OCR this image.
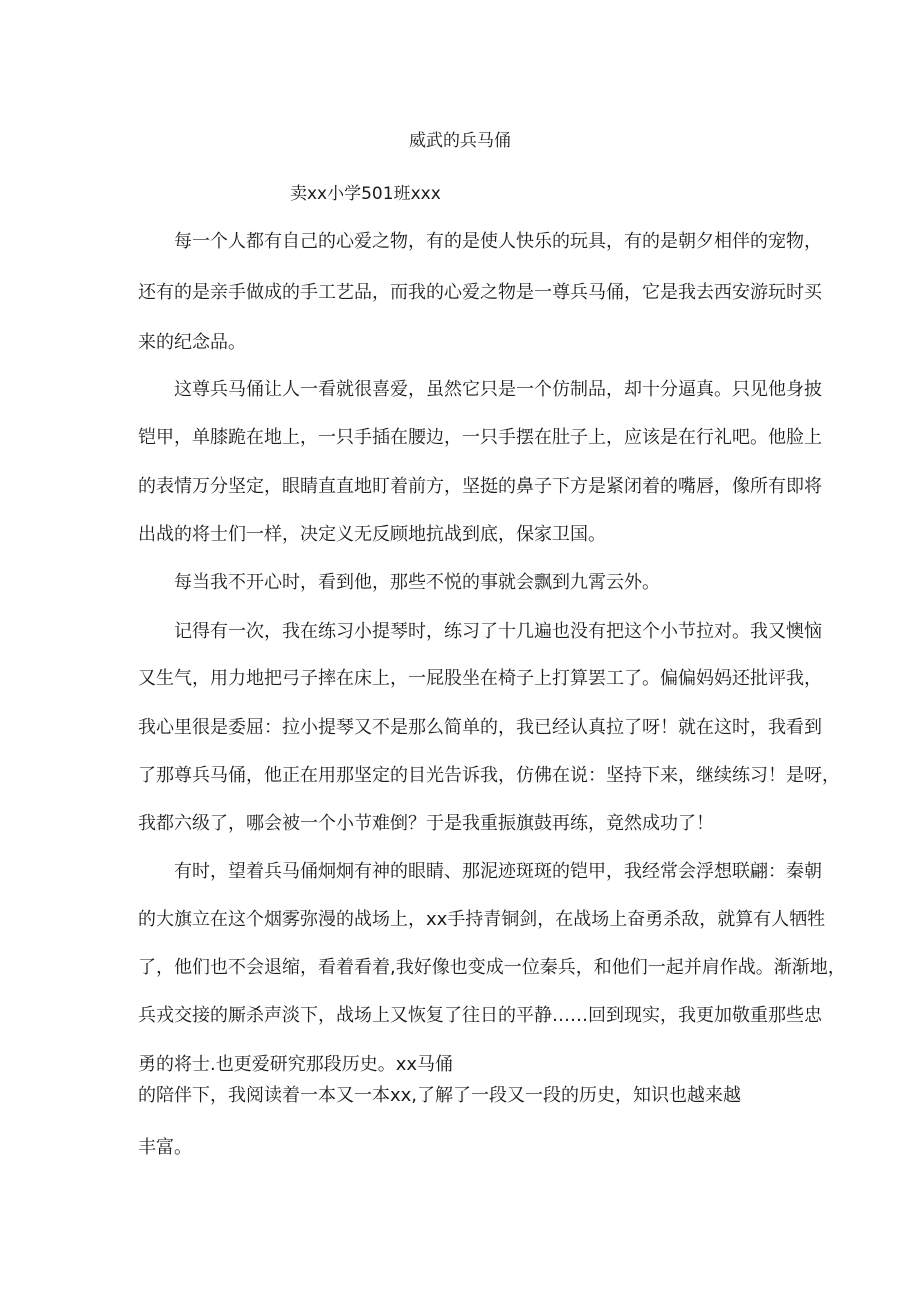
威武的兵马俑
卖xx小学501班xxx
每一个人都有自己的心爱之物，有的是使人快乐的玩具，有的是朝夕相伴的宠物，
还有的是亲手做成的手工艺品，而我的心爱之物是一尊兵马俑，它是我去西安游玩时买
来的纪念品。
这尊兵马俑让人一看就很喜爱，虽然它只是一个仿制品，却十分逼真。只见他身披
铠甲，单膝跪在地上，一只手插在腰边，一只手摆在肚子上，应该是在行礼吧。他脸上
的表情万分坚定，眼睛直直地盯着前方，坚挺的鼻子下方是紧闭着的嘴唇，像所有即将
出战的将士们一样，决定义无反顾地抗战到底，保家卫国。
每当我不开心时，看到他，那些不悦的事就会飘到九霄云外。
记得有一次，我在练习小提琴时，练习了十几遍也没有把这个小节拉对。我又懊恼
又生气，用力地把弓子摔在床上，一屁股坐在椅子上打算罢工了。偏偏妈妈还批评我，
我心里很是委屈：拉小提琴又不是那么简单的，我已经认真拉了呀！就在这时，我看到
了那尊兵马俑，他正在用那坚定的目光告诉我，仿佛在说：坚持下来，继续练习！是呀，
我都六级了，哪会被一个小节难倒？于是我重振旗鼓再练，竟然成功了！
有时，望着兵马俑炯炯有神的眼睛、那泥迹斑斑的铠甲，我经常会浮想联翩：秦朝
的大旗立在这个烟雾弥漫的战场上，xx手持青铜剑，在战场上奋勇杀敌，就算有人牺牲
了，他们也不会退缩，看着看着,我好像也变成一位秦兵，和他们一起并肩作战。渐渐地，
兵戎交接的厮杀声淡下，战场上又恢复了往日的平静……回到现实，我更加敬重那些忠
勇的将士.也更爱研究那段历史。xx马俑
的陪伴下，我阅读着一本又一本xx,了解了一段又一段的历史，知识也越来越
丰富。
